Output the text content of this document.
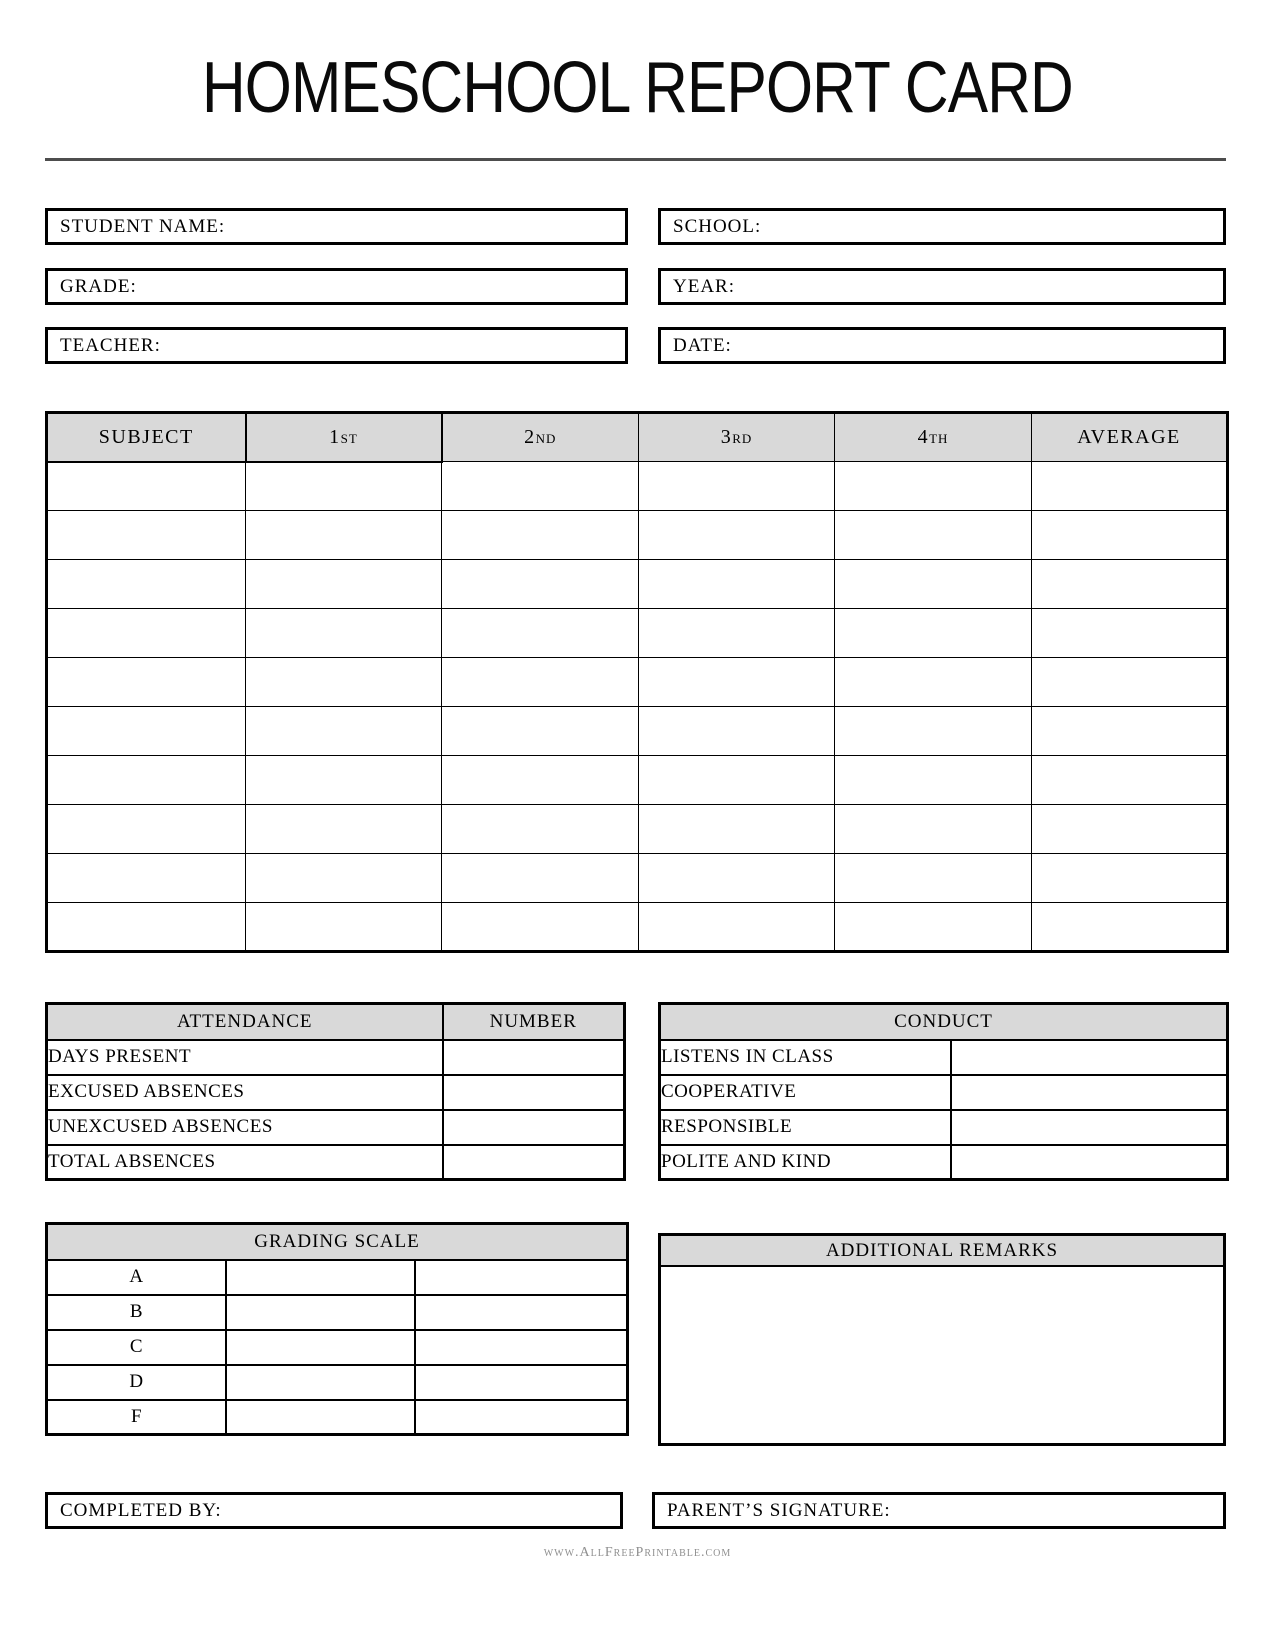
HOMESCHOOL REPORT CARD
STUDENT NAME:	SCHOOL:
GRADE:	YEAR:
TEACHER:	DATE:
SUBJECT	1ST	2ND	3RD	4TH	AVERAGE

ATTENDANCE	NUMBER
DAYS PRESENT	
EXCUSED ABSENCES	
UNEXCUSED ABSENCES	
TOTAL ABSENCES	
CONDUCT	
LISTENS IN CLASS	
COOPERATIVE	
RESPONSIBLE	
POLITE AND KIND	
GRADING SCALE		
A		
B		
C		
D		
F		
ADDITIONAL REMARKS
COMPLETED BY:	PARENT’S SIGNATURE:
www.AllFreePrintable.com
